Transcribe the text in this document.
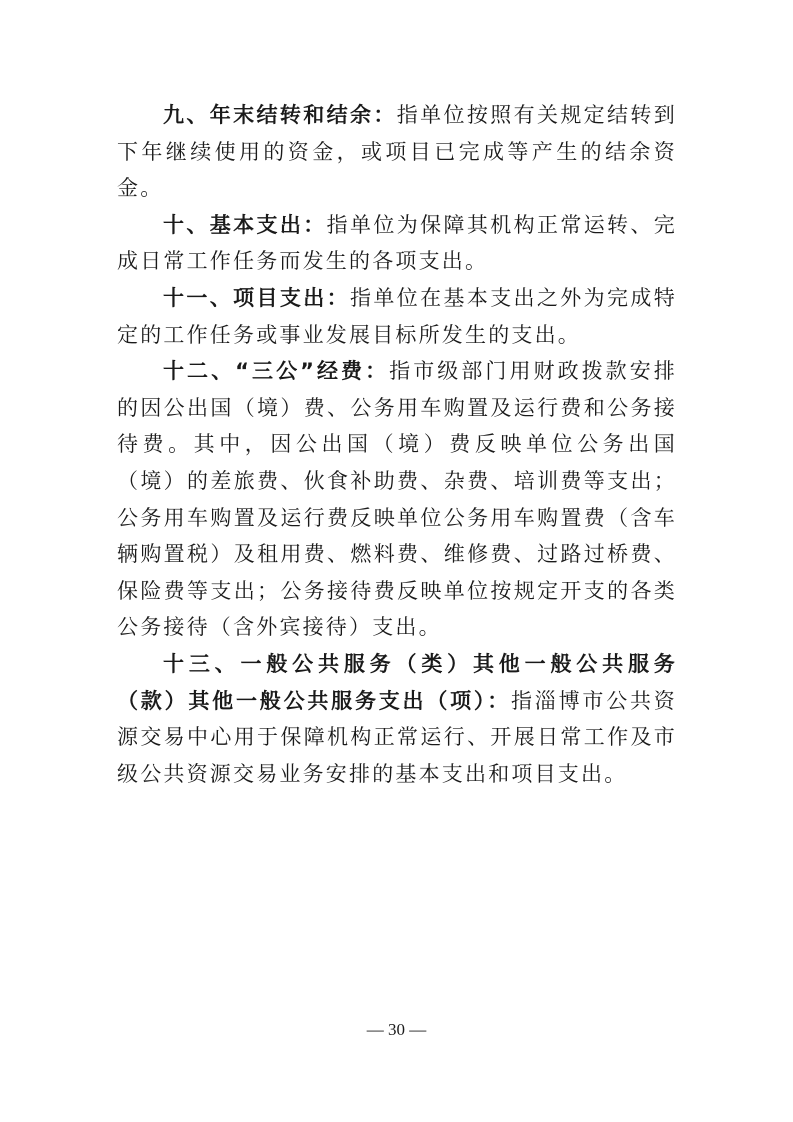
九、年末结转和结余：指单位按照有关规定结转到下年继续使用的资金，或项目已完成等产生的结余资金。

十、基本支出：指单位为保障其机构正常运转、完成日常工作任务而发生的各项支出。

十一、项目支出：指单位在基本支出之外为完成特定的工作任务或事业发展目标所发生的支出。

十二、“三公”经费：指市级部门用财政拨款安排的因公出国（境）费、公务用车购置及运行费和公务接待费。其中，因公出国（境）费反映单位公务出国（境）的差旅费、伙食补助费、杂费、培训费等支出；公务用车购置及运行费反映单位公务用车购置费（含车辆购置税）及租用费、燃料费、维修费、过路过桥费、保险费等支出；公务接待费反映单位按规定开支的各类公务接待（含外宾接待）支出。

十三、一般公共服务（类）其他一般公共服务（款）其他一般公共服务支出（项）：指淄博市公共资源交易中心用于保障机构正常运行、开展日常工作及市级公共资源交易业务安排的基本支出和项目支出。

— 30 —
